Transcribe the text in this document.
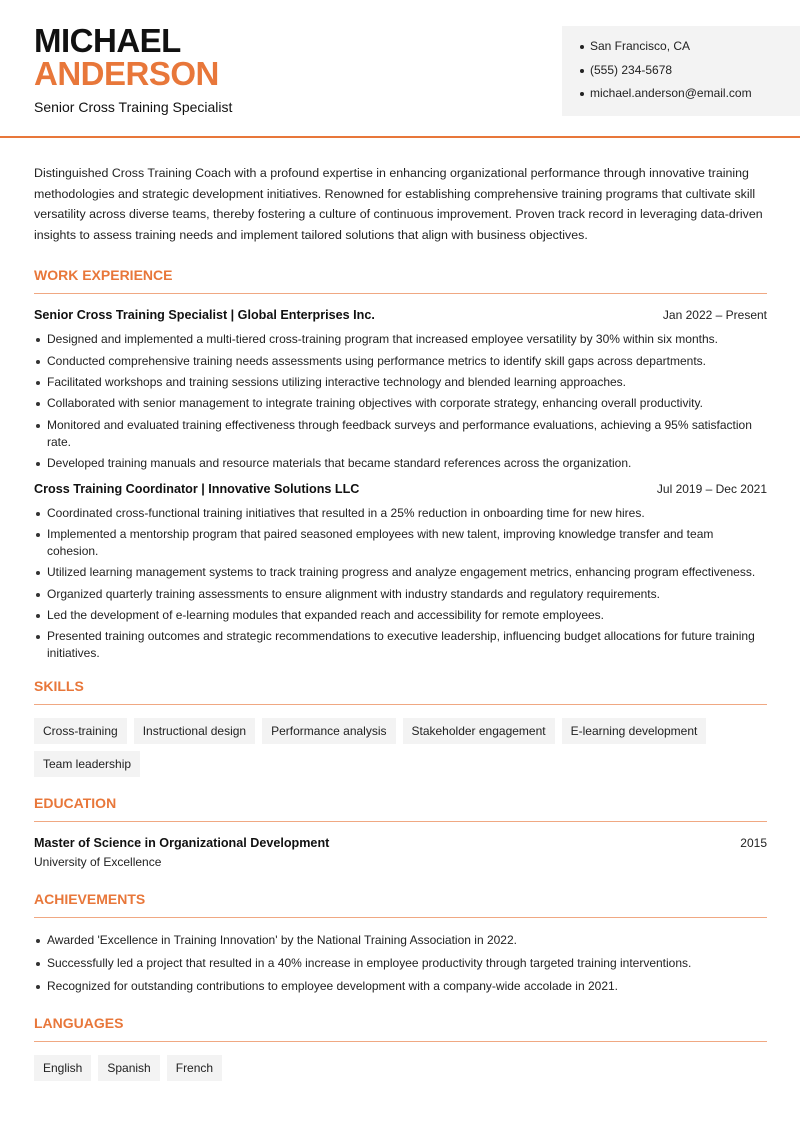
MICHAEL
ANDERSON
Senior Cross Training Specialist
San Francisco, CA
(555) 234-5678
michael.anderson@email.com

Distinguished Cross Training Coach with a profound expertise in enhancing organizational performance through innovative training methodologies and strategic development initiatives. Renowned for establishing comprehensive training programs that cultivate skill versatility across diverse teams, thereby fostering a culture of continuous improvement. Proven track record in leveraging data-driven insights to assess training needs and implement tailored solutions that align with business objectives.

WORK EXPERIENCE
Senior Cross Training Specialist | Global Enterprises Inc.	Jan 2022 – Present
Designed and implemented a multi-tiered cross-training program that increased employee versatility by 30% within six months.
Conducted comprehensive training needs assessments using performance metrics to identify skill gaps across departments.
Facilitated workshops and training sessions utilizing interactive technology and blended learning approaches.
Collaborated with senior management to integrate training objectives with corporate strategy, enhancing overall productivity.
Monitored and evaluated training effectiveness through feedback surveys and performance evaluations, achieving a 95% satisfaction rate.
Developed training manuals and resource materials that became standard references across the organization.
Cross Training Coordinator | Innovative Solutions LLC	Jul 2019 – Dec 2021
Coordinated cross-functional training initiatives that resulted in a 25% reduction in onboarding time for new hires.
Implemented a mentorship program that paired seasoned employees with new talent, improving knowledge transfer and team cohesion.
Utilized learning management systems to track training progress and analyze engagement metrics, enhancing program effectiveness.
Organized quarterly training assessments to ensure alignment with industry standards and regulatory requirements.
Led the development of e-learning modules that expanded reach and accessibility for remote employees.
Presented training outcomes and strategic recommendations to executive leadership, influencing budget allocations for future training initiatives.
SKILLS
Cross-training	Instructional design	Performance analysis	Stakeholder engagement	E-learning development
Team leadership
EDUCATION
Master of Science in Organizational Development	2015
University of Excellence
ACHIEVEMENTS
Awarded 'Excellence in Training Innovation' by the National Training Association in 2022.
Successfully led a project that resulted in a 40% increase in employee productivity through targeted training interventions.
Recognized for outstanding contributions to employee development with a company-wide accolade in 2021.
LANGUAGES
English	Spanish	French
